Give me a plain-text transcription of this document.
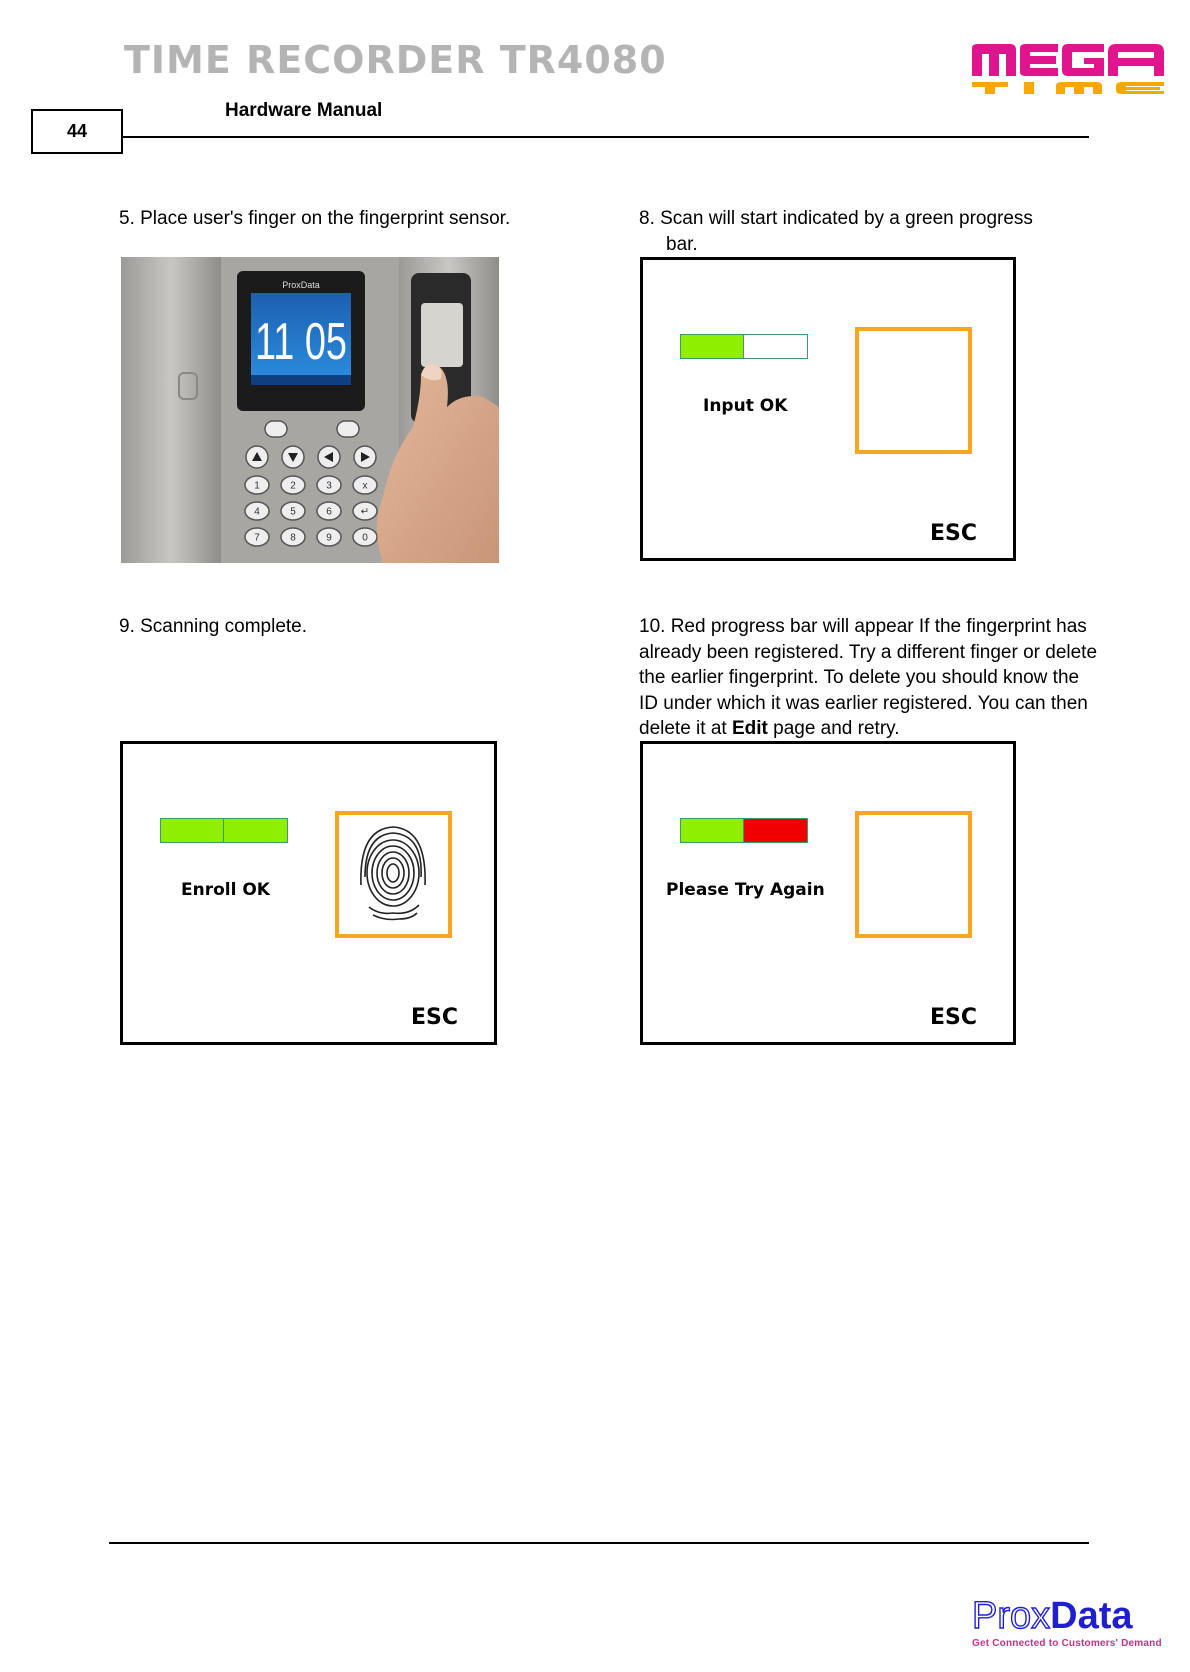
TIME RECORDER TR4080
44
Hardware Manual
5. Place user's finger on the fingerprint sensor.
ProxData
11 05
1	2	3	x
4	5	6	↵
7	8	9	0
8. Scan will start indicated by a green progress
bar.
Input OK
ESC
9. Scanning complete.
Enroll OK
ESC
10. Red progress bar will appear If the fingerprint has already been registered. Try a different finger or delete the earlier fingerprint. To delete you should know the ID under which it was earlier registered. You can then delete it at Edit page and retry.
Please Try Again
ESC
ProxData
Get Connected to Customers' Demand
